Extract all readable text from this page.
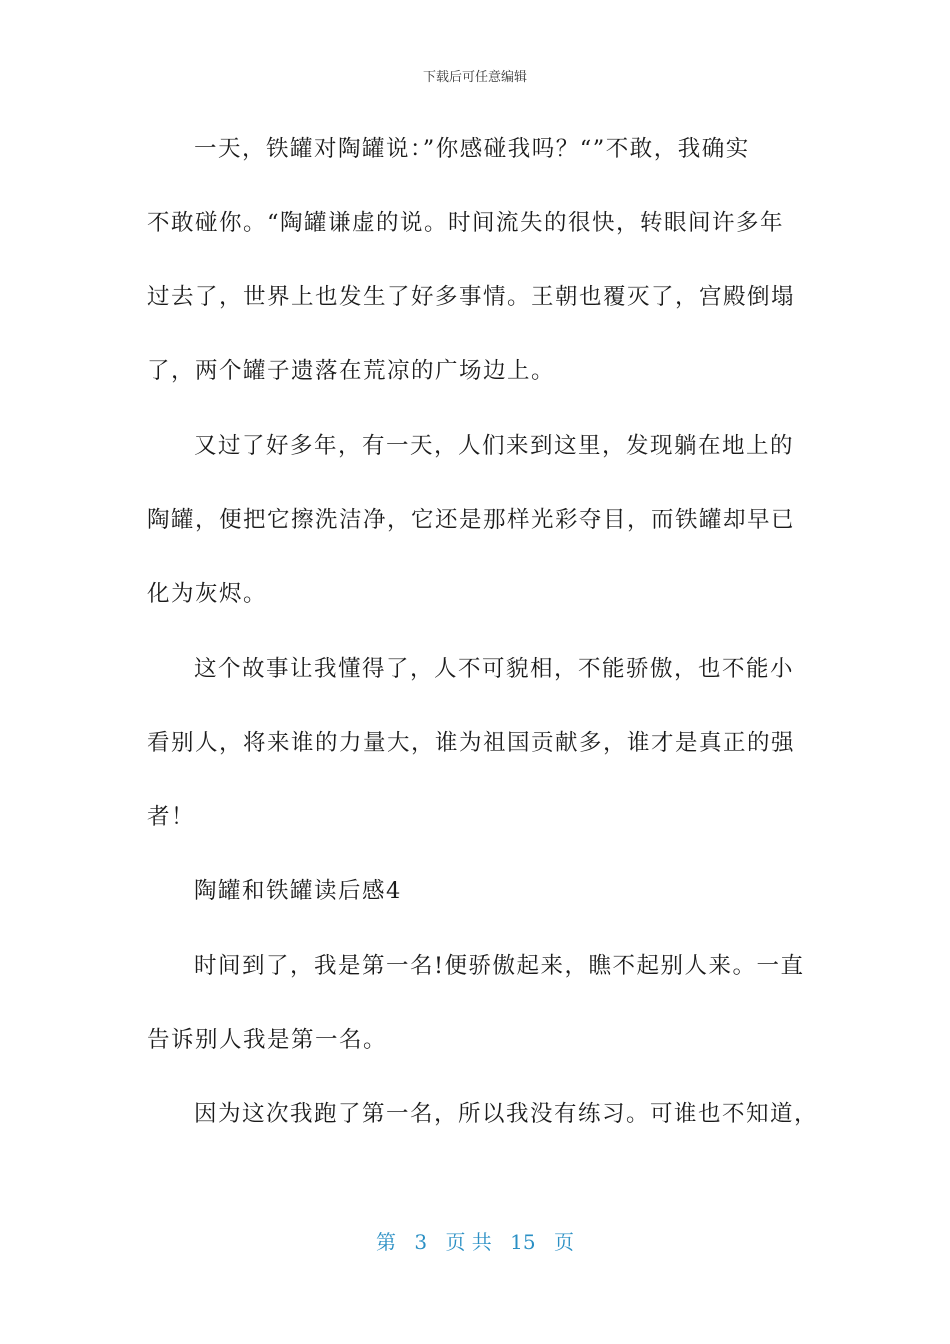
下载后可任意编辑
一天，铁罐对陶罐说：”你感碰我吗？“”不敢，我确实
不敢碰你。“陶罐谦虚的说。时间流失的很快，转眼间许多年
过去了，世界上也发生了好多事情。王朝也覆灭了，宫殿倒塌
了，两个罐子遗落在荒凉的广场边上。
又过了好多年，有一天，人们来到这里，发现躺在地上的
陶罐，便把它擦洗洁净，它还是那样光彩夺目，而铁罐却早已
化为灰烬。
这个故事让我懂得了，人不可貌相，不能骄傲，也不能小
看别人，将来谁的力量大，谁为祖国贡献多，谁才是真正的强
者！
陶罐和铁罐读后感4
时间到了，我是第一名!便骄傲起来，瞧不起别人来。一直
告诉别人我是第一名。
因为这次我跑了第一名，所以我没有练习。可谁也不知道，
第 3 页 共 15 页
